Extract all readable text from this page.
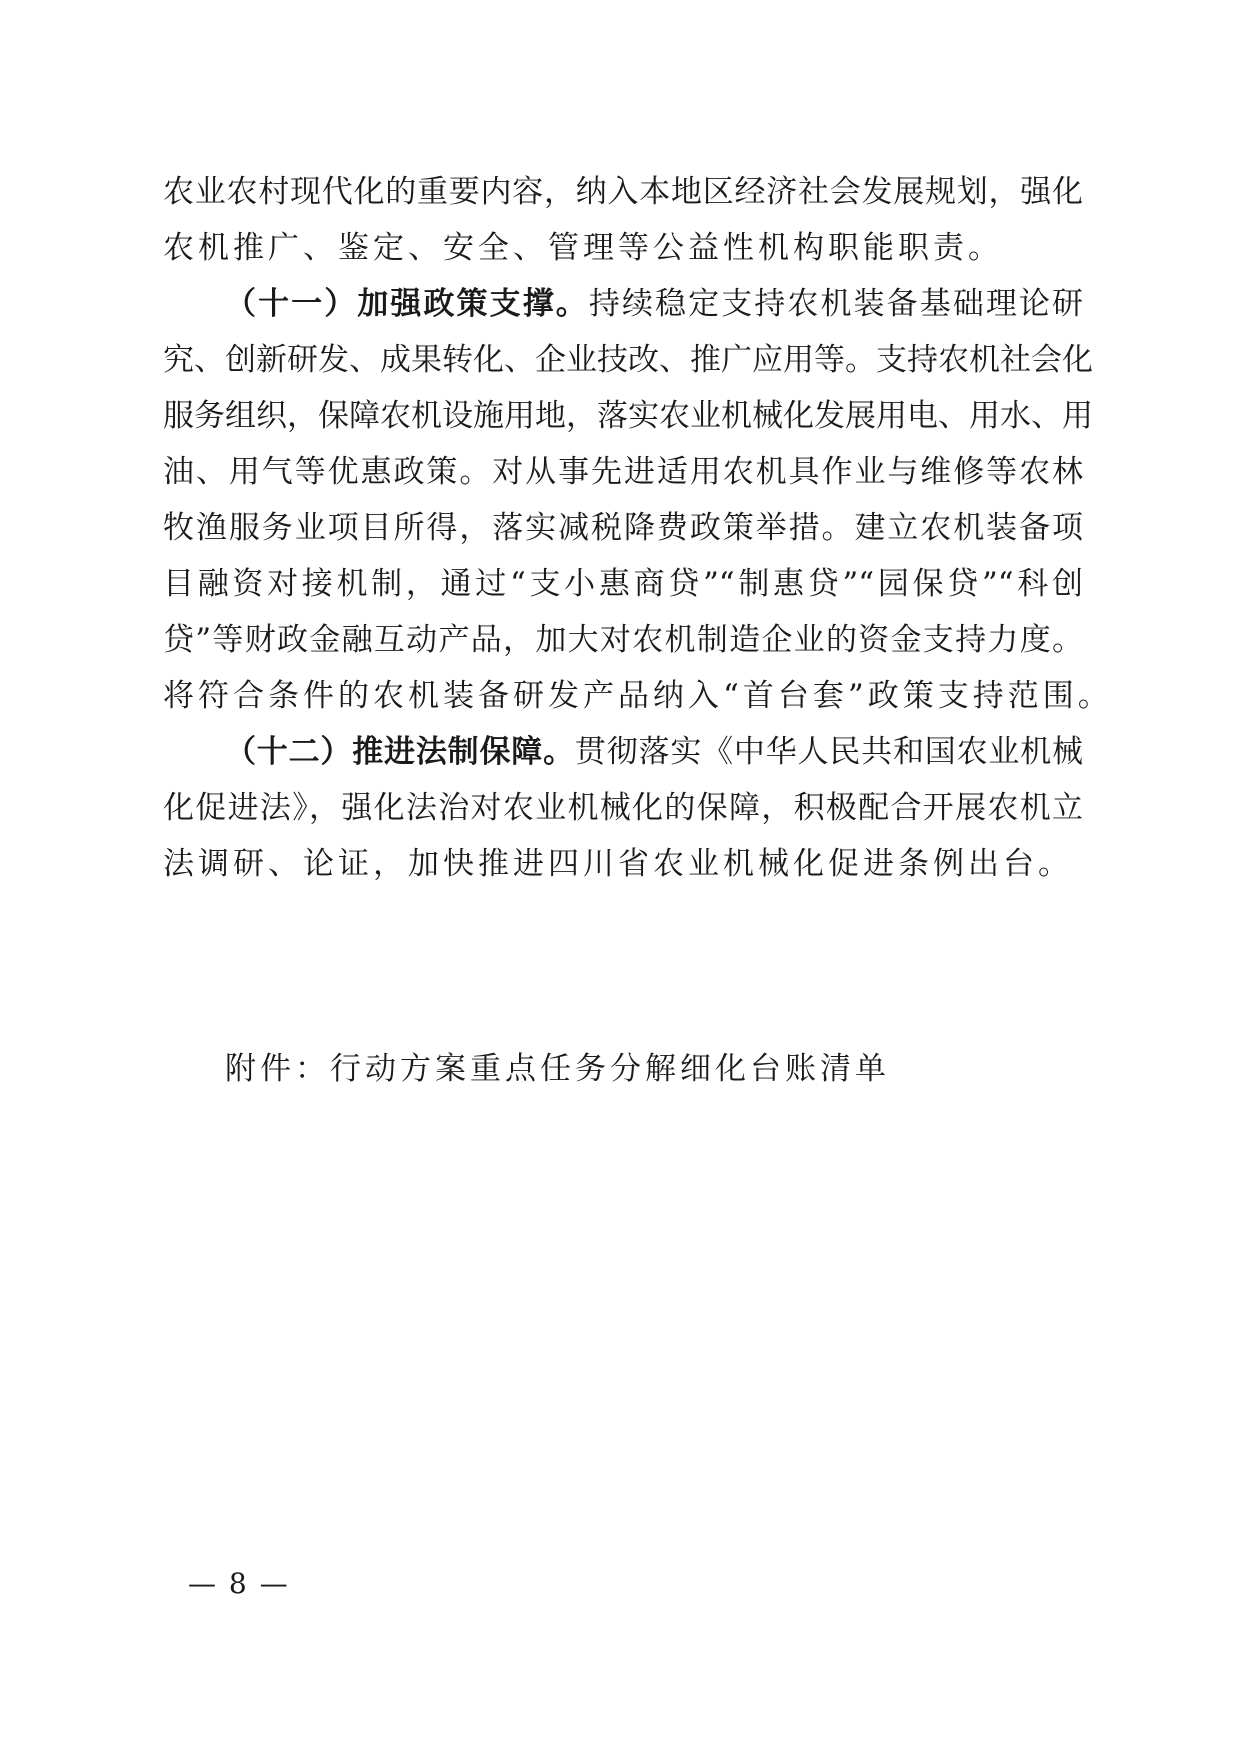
农业农村现代化的重要内容，纳入本地区经济社会发展规划，强化
农机推广、鉴定、安全、管理等公益性机构职能职责。
（十一）加强政策支撑。持续稳定支持农机装备基础理论研
究、创新研发、成果转化、企业技改、推广应用等。支持农机社会化
服务组织，保障农机设施用地，落实农业机械化发展用电、用水、用
油、用气等优惠政策。对从事先进适用农机具作业与维修等农林
牧渔服务业项目所得，落实减税降费政策举措。建立农机装备项
目融资对接机制，通过“支小惠商贷”“制惠贷”“园保贷”“科创
贷”等财政金融互动产品，加大对农机制造企业的资金支持力度。
将符合条件的农机装备研发产品纳入“首台套”政策支持范围。
（十二）推进法制保障。贯彻落实《中华人民共和国农业机械
化促进法》，强化法治对农业机械化的保障，积极配合开展农机立
法调研、论证，加快推进四川省农业机械化促进条例出台。
附件：行动方案重点任务分解细化台账清单
— 8 —
